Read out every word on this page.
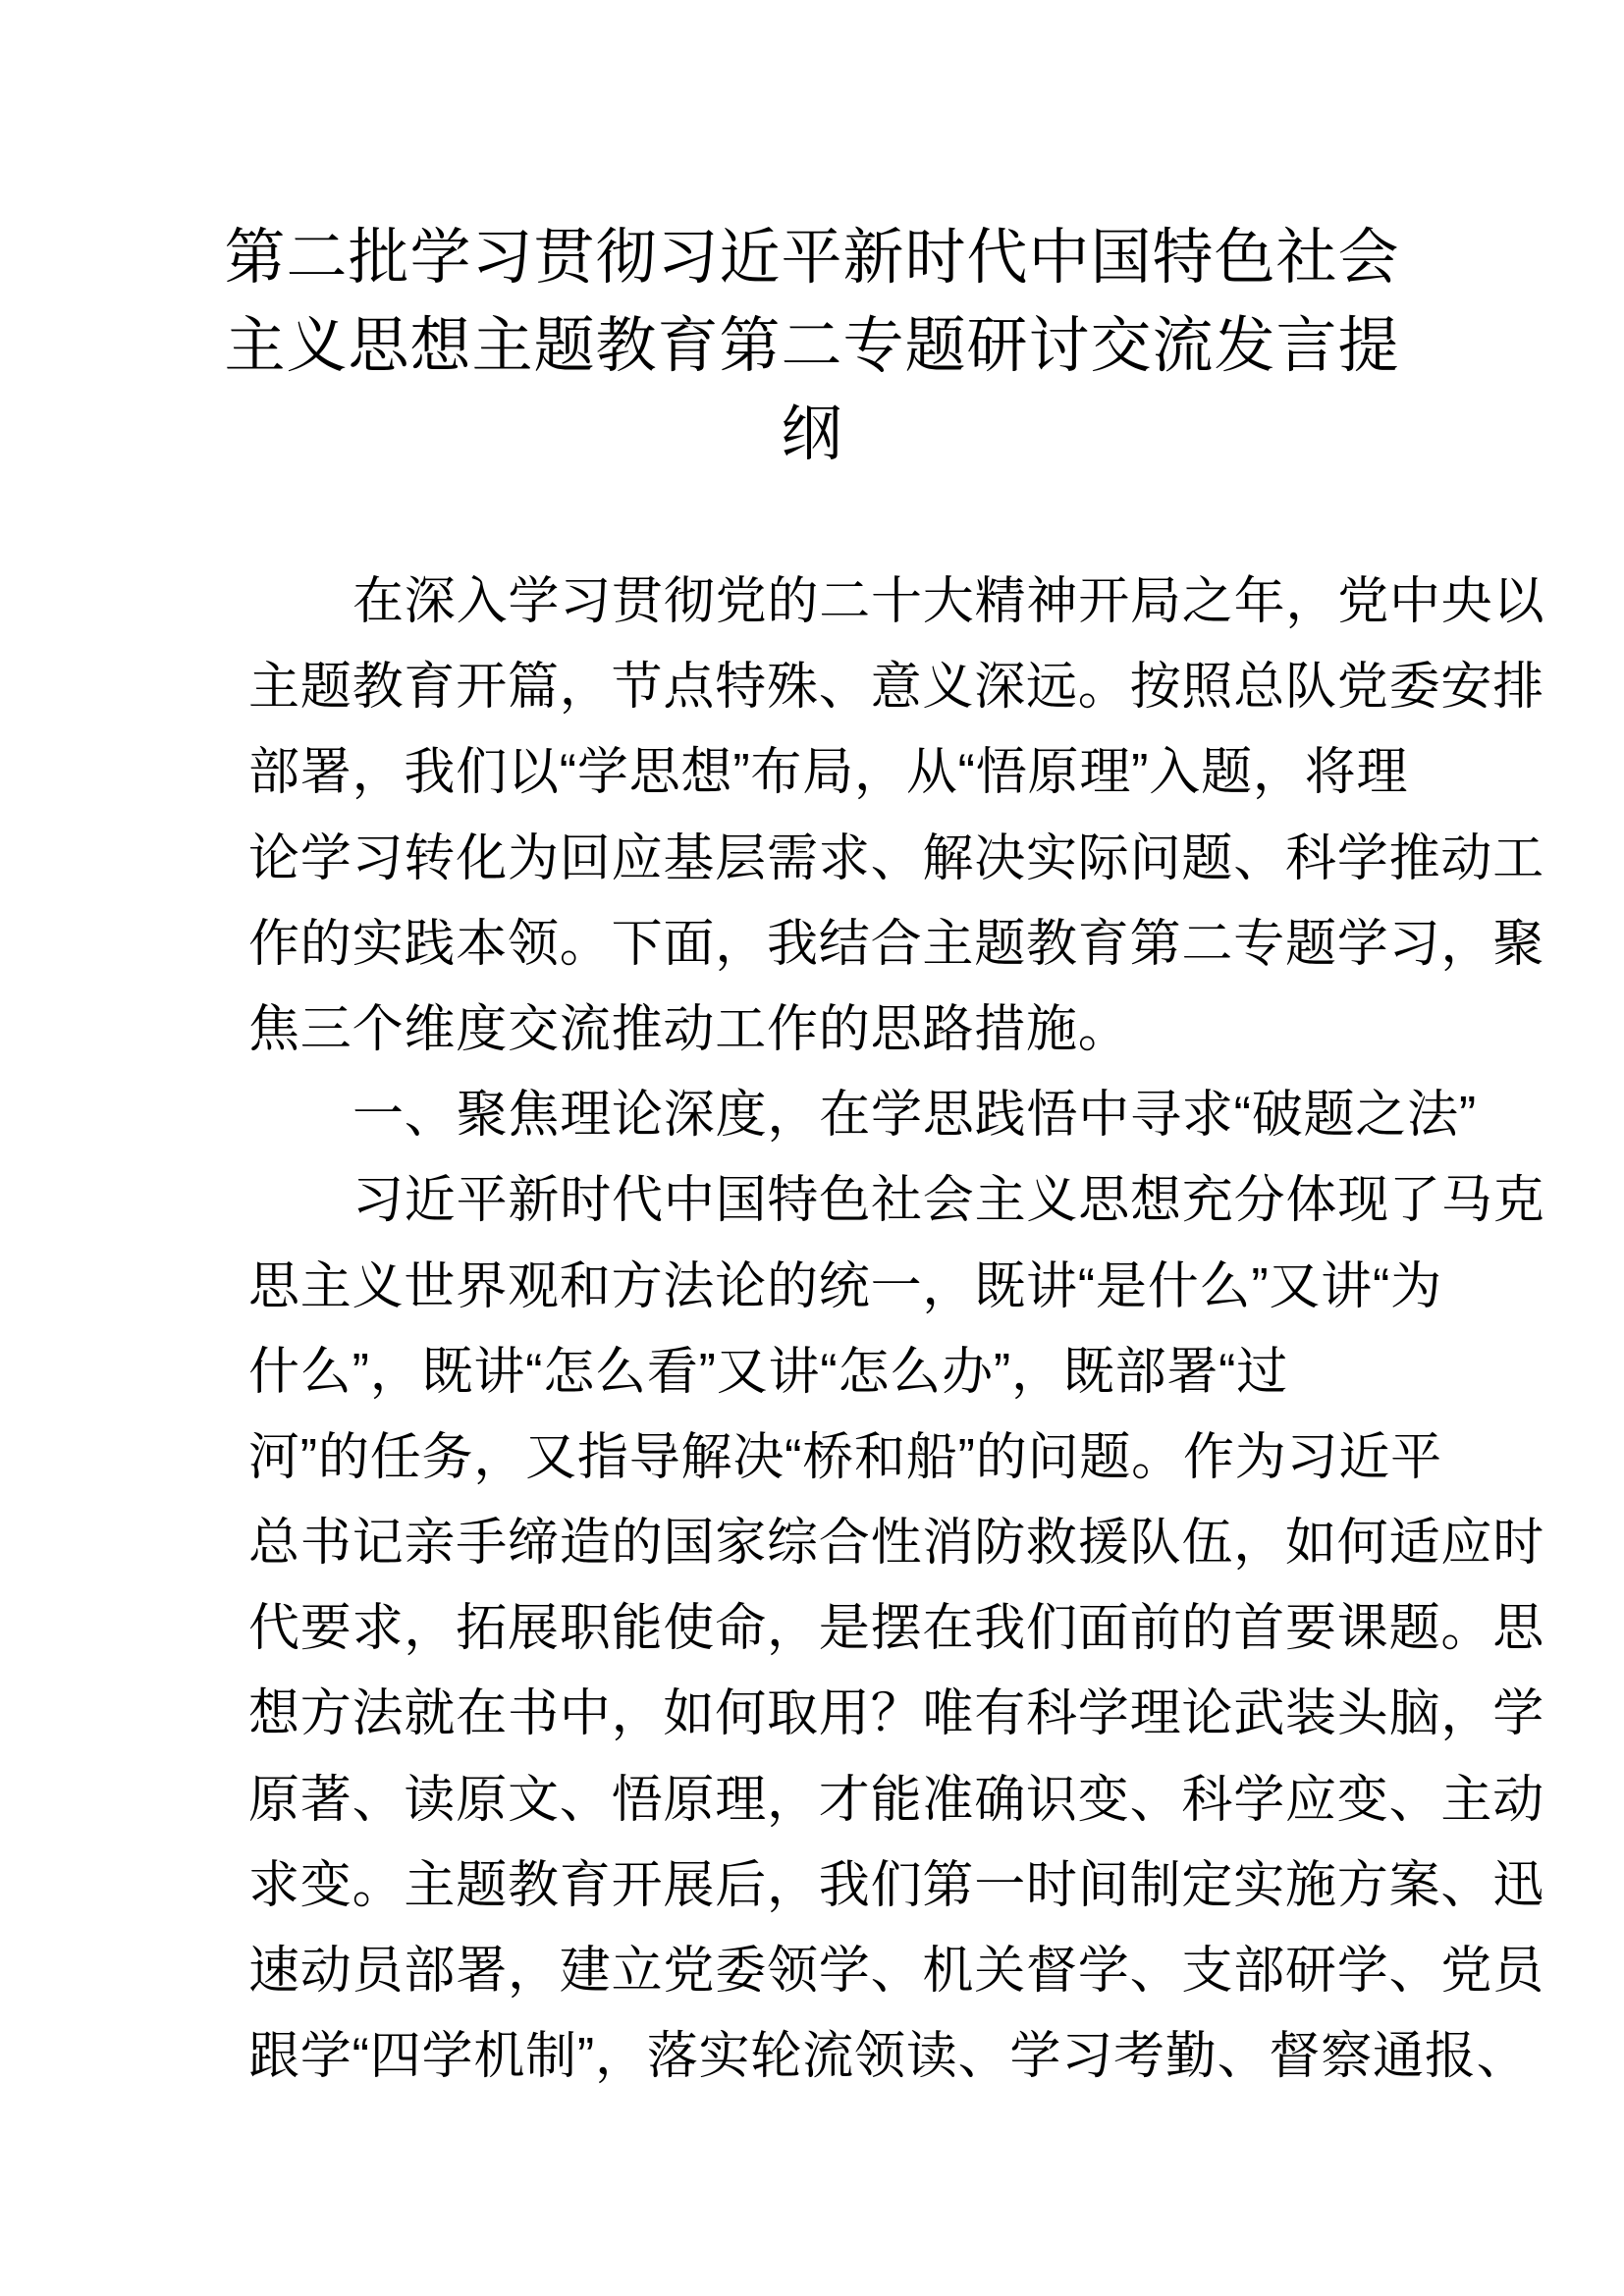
第二批学习贯彻习近平新时代中国特色社会
主义思想主题教育第二专题研讨交流发言提
纲
在深入学习贯彻党的二十大精神开局之年，党中央以
主题教育开篇，节点特殊、意义深远。按照总队党委安排
部署，我们以“学思想”布局，从“悟原理”入题，将理
论学习转化为回应基层需求、解决实际问题、科学推动工
作的实践本领。下面，我结合主题教育第二专题学习，聚
焦三个维度交流推动工作的思路措施。
一、聚焦理论深度，在学思践悟中寻求“破题之法”
习近平新时代中国特色社会主义思想充分体现了马克
思主义世界观和方法论的统一，既讲“是什么”又讲“为
什么”，既讲“怎么看”又讲“怎么办”，既部署“过
河”的任务，又指导解决“桥和船”的问题。作为习近平
总书记亲手缔造的国家综合性消防救援队伍，如何适应时
代要求，拓展职能使命，是摆在我们面前的首要课题。思
想方法就在书中，如何取用？唯有科学理论武装头脑，学
原著、读原文、悟原理，才能准确识变、科学应变、主动
求变。主题教育开展后，我们第一时间制定实施方案、迅
速动员部署，建立党委领学、机关督学、支部研学、党员
跟学“四学机制”，落实轮流领读、学习考勤、督察通报、
